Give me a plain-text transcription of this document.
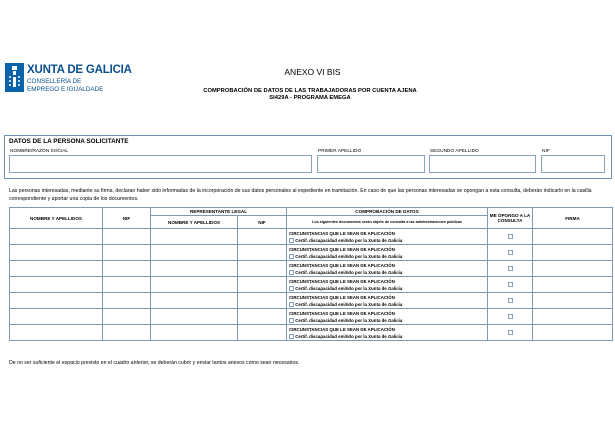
XUNTA DE GALICIA
CONSELLERÍA DE
EMPREGO E IGUALDADE
ANEXO VI BIS
COMPROBACIÓN DE DATOS DE LAS TRABAJADORAS POR CUENTA AJENA
SI429A - PROGRAMA EMEGA
DATOS DE LA PERSONA SOLICITANTE
NOMBRE/RAZÓN SOCIAL	PRIMER APELLIDO	SEGUNDO APELLIDO	NIF
Las personas interesadas, mediante su firma, declaran haber sido informadas de la incorporación de sus datos personales al expediente en tramitación. En caso de que las personas interesadas se opongan a esta consulta, deberán indicarlo en la casilla correspondiente y aportar una copia de los documentos.
NOMBRE Y APELLIDOS	NIF	REPRESENTANTE LEGAL		COMPROBACIÓN DE DATOS	ME OPONGO A LA CONSULTA	FIRMA
		NOMBRE Y APELLIDOS	NIF	Los siguientes documentos serán objeto de consulta a las administraciones públicas		

				CIRCUNSTANCIAS QUE LE SEAN DE APLICACIÓN
Certif. discapacidad emitido por la Xunta de Galicia		

				CIRCUNSTANCIAS QUE LE SEAN DE APLICACIÓN
Certif. discapacidad emitido por la Xunta de Galicia		

				CIRCUNSTANCIAS QUE LE SEAN DE APLICACIÓN
Certif. discapacidad emitido por la Xunta de Galicia		

				CIRCUNSTANCIAS QUE LE SEAN DE APLICACIÓN
Certif. discapacidad emitido por la Xunta de Galicia		

				CIRCUNSTANCIAS QUE LE SEAN DE APLICACIÓN
Certif. discapacidad emitido por la Xunta de Galicia		

				CIRCUNSTANCIAS QUE LE SEAN DE APLICACIÓN
Certif. discapacidad emitido por la Xunta de Galicia		

				CIRCUNSTANCIAS QUE LE SEAN DE APLICACIÓN
Certif. discapacidad emitido por la Xunta de Galicia		

De no ser suficiente el espacio previsto en el cuadro anterior, se deberán cubrir y enviar tantos anexos como sean necesarios.
